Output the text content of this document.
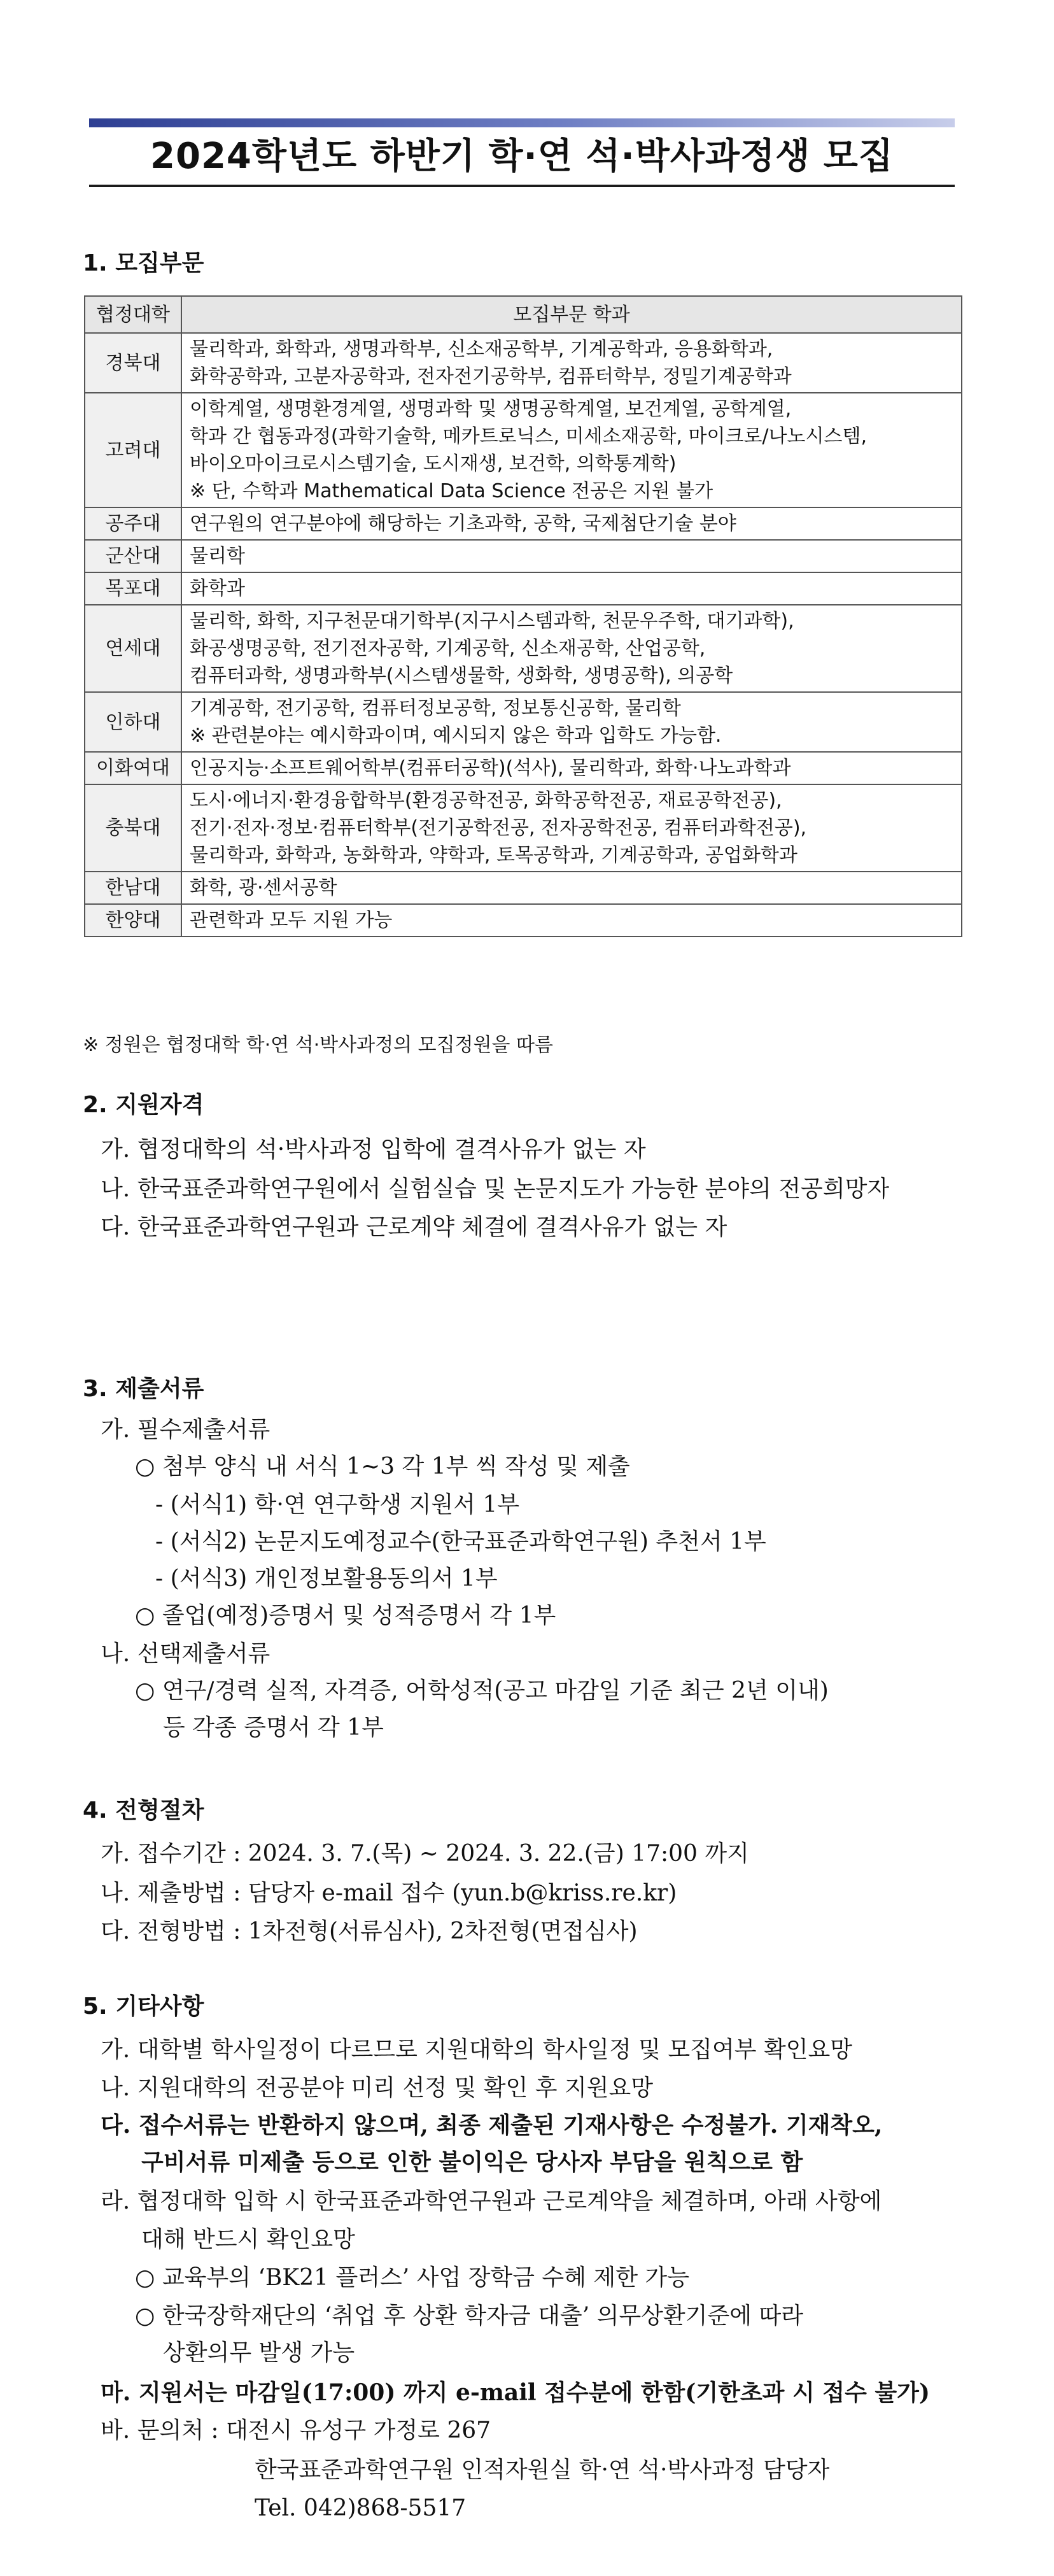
2024학년도 하반기 학·연 석·박사과정생 모집
1. 모집부문
협정대학	모집부문 학과
경북대	물리학과, 화학과, 생명과학부, 신소재공학부, 기계공학과, 응용화학과,
화학공학과, 고분자공학과, 전자전기공학부, 컴퓨터학부, 정밀기계공학과

고려대	이학계열, 생명환경계열, 생명과학 및 생명공학계열, 보건계열, 공학계열,
학과 간 협동과정(과학기술학, 메카트로닉스, 미세소재공학, 마이크로/나노시스템,
바이오마이크로시스템기술, 도시재생, 보건학, 의학통계학)
※ 단, 수학과 Mathematical Data Science 전공은 지원 불가

공주대	연구원의 연구분야에 해당하는 기초과학, 공학, 국제첨단기술 분야

군산대	물리학

목포대	화학과

연세대	물리학, 화학, 지구천문대기학부(지구시스템과학, 천문우주학, 대기과학),
화공생명공학, 전기전자공학, 기계공학, 신소재공학, 산업공학,
컴퓨터과학, 생명과학부(시스템생물학, 생화학, 생명공학), 의공학

인하대	기계공학, 전기공학, 컴퓨터정보공학, 정보통신공학, 물리학
※ 관련분야는 예시학과이며, 예시되지 않은 학과 입학도 가능함.

이화여대	인공지능·소프트웨어학부(컴퓨터공학)(석사), 물리학과, 화학·나노과학과

충북대	도시·에너지·환경융합학부(환경공학전공, 화학공학전공, 재료공학전공),
전기·전자·정보·컴퓨터학부(전기공학전공, 전자공학전공, 컴퓨터과학전공),
물리학과, 화학과, 농화학과, 약학과, 토목공학과, 기계공학과, 공업화학과

한남대	화학, 광·센서공학

한양대	관련학과 모두 지원 가능
※ 정원은 협정대학 학·연 석·박사과정의 모집정원을 따름
2. 지원자격
가. 협정대학의 석·박사과정 입학에 결격사유가 없는 자
나. 한국표준과학연구원에서 실험실습 및 논문지도가 가능한 분야의 전공희망자
다. 한국표준과학연구원과 근로계약 체결에 결격사유가 없는 자
3. 제출서류
가. 필수제출서류
○ 첨부 양식 내 서식 1~3 각 1부 씩 작성 및 제출
- (서식1) 학·연 연구학생 지원서 1부
- (서식2) 논문지도예정교수(한국표준과학연구원) 추천서 1부
- (서식3) 개인정보활용동의서 1부
○ 졸업(예정)증명서 및 성적증명서 각 1부
나. 선택제출서류
○ 연구/경력 실적, 자격증, 어학성적(공고 마감일 기준 최근 2년 이내)
등 각종 증명서 각 1부
4. 전형절차
가. 접수기간 : 2024. 3. 7.(목) ~ 2024. 3. 22.(금) 17:00 까지
나. 제출방법 : 담당자 e-mail 접수 (yun.b@kriss.re.kr)
다. 전형방법 : 1차전형(서류심사), 2차전형(면접심사)
5. 기타사항
가. 대학별 학사일정이 다르므로 지원대학의 학사일정 및 모집여부 확인요망
나. 지원대학의 전공분야 미리 선정 및 확인 후 지원요망
다. 접수서류는 반환하지 않으며, 최종 제출된 기재사항은 수정불가. 기재착오,
구비서류 미제출 등으로 인한 불이익은 당사자 부담을 원칙으로 함
라. 협정대학 입학 시 한국표준과학연구원과 근로계약을 체결하며, 아래 사항에
대해 반드시 확인요망
○ 교육부의 ‘BK21 플러스’ 사업 장학금 수혜 제한 가능
○ 한국장학재단의 ‘취업 후 상환 학자금 대출’ 의무상환기준에 따라
상환의무 발생 가능
마. 지원서는 마감일(17:00) 까지 e-mail 접수분에 한함(기한초과 시 접수 불가)
바. 문의처 : 대전시 유성구 가정로 267
한국표준과학연구원 인적자원실 학·연 석·박사과정 담당자
Tel. 042)868-5517
